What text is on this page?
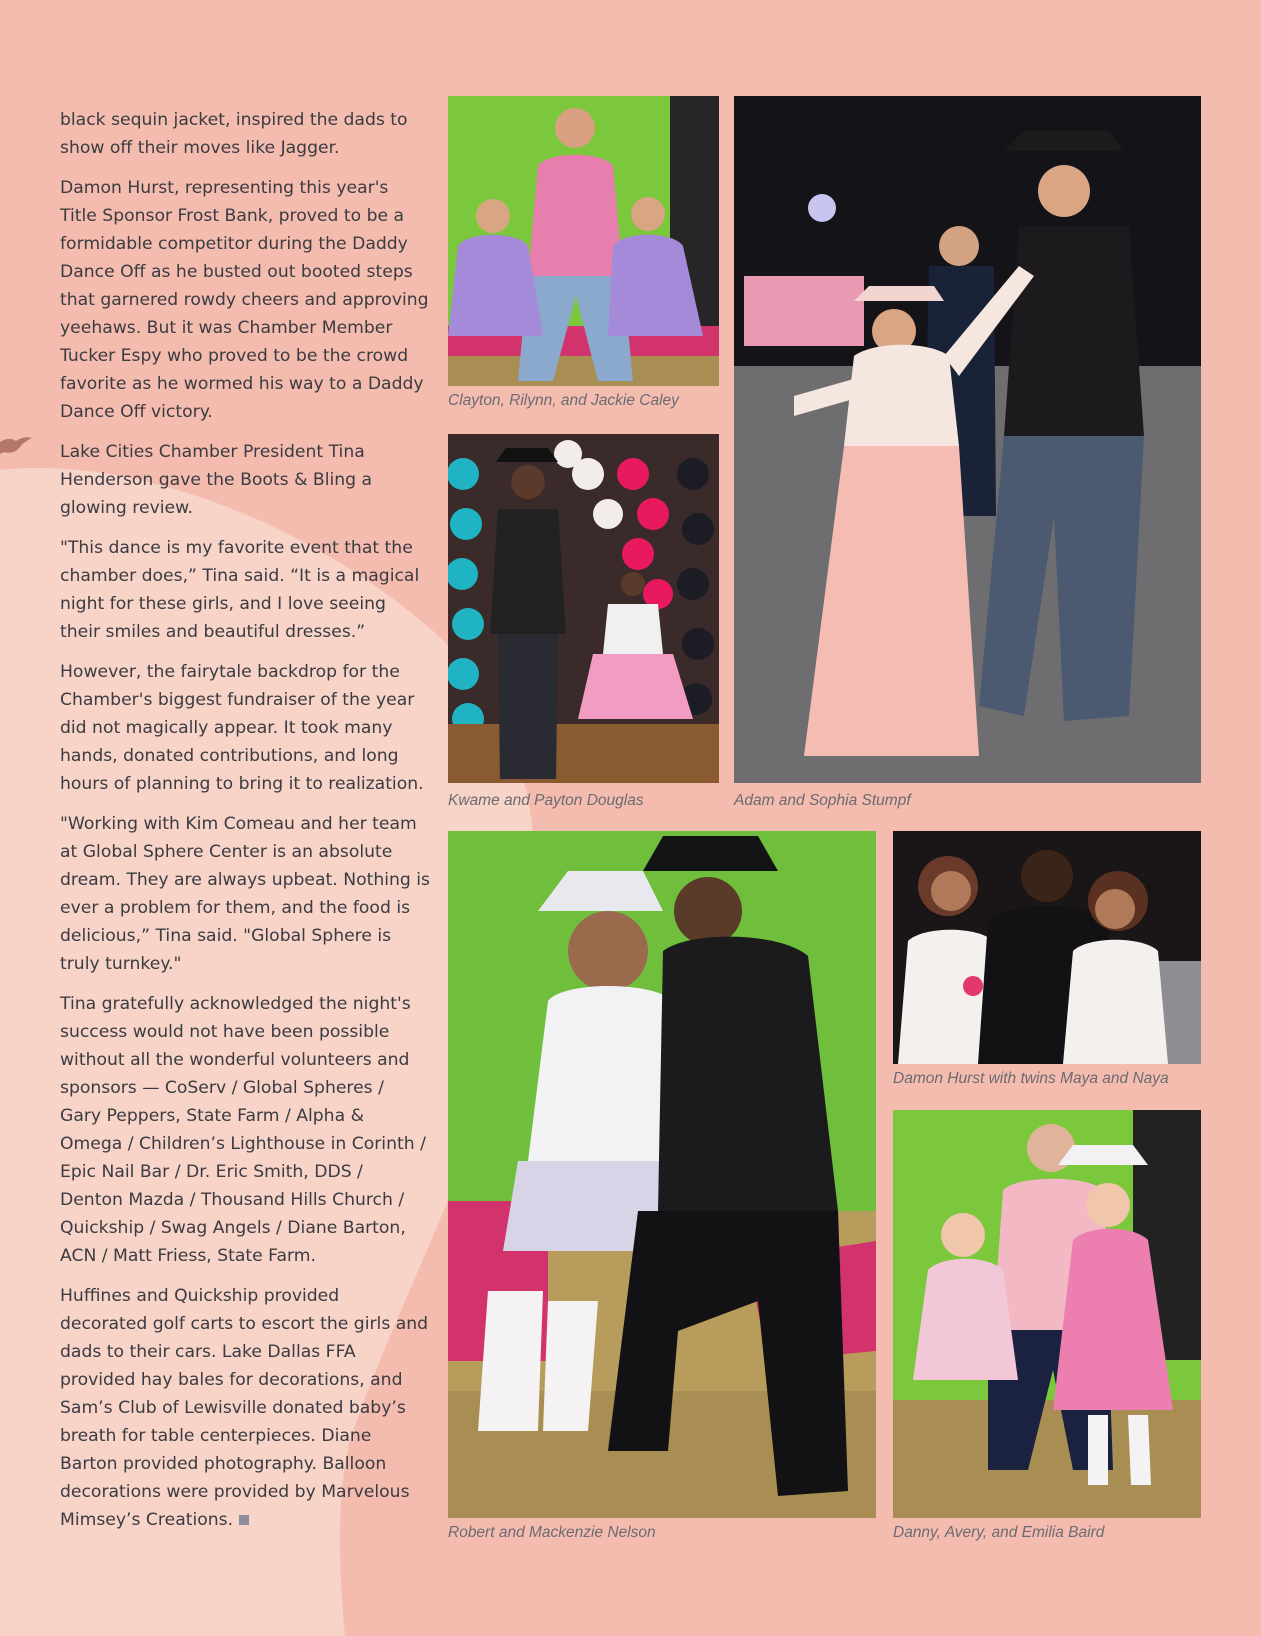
black sequin jacket, inspired the dads to show off their moves like Jagger.

Damon Hurst, representing this year's Title Sponsor Frost Bank, proved to be a formidable competitor during the Daddy Dance Off as he busted out booted steps that garnered rowdy cheers and approving yeehaws. But it was Chamber Member Tucker Espy who proved to be the crowd favorite as he wormed his way to a Daddy Dance Off victory.

Lake Cities Chamber President Tina Henderson gave the Boots & Bling a glowing review.

"This dance is my favorite event that the chamber does,” Tina said. “It is a magical night for these girls, and I love seeing their smiles and beautiful dresses.”

However, the fairytale backdrop for the Chamber's biggest fundraiser of the year did not magically appear. It took many hands, donated contributions, and long hours of planning to bring it to realization.

"Working with Kim Comeau and her team at Global Sphere Center is an absolute dream. They are always upbeat. Nothing is ever a problem for them, and the food is delicious,” Tina said. "Global Sphere is truly turnkey."

Tina gratefully acknowledged the night's success would not have been possible without all the wonderful volunteers and sponsors — CoServ / Global Spheres / Gary Peppers, State Farm / Alpha & Omega / Children’s Lighthouse in Corinth / Epic Nail Bar / Dr. Eric Smith, DDS / Denton Mazda / Thousand Hills Church / Quickship / Swag Angels / Diane Barton, ACN / Matt Friess, State Farm.

Huffines and Quickship provided decorated golf carts to escort the girls and dads to their cars. Lake Dallas FFA provided hay bales for decorations, and Sam’s Club of Lewisville donated baby’s breath for table centerpieces. Diane Barton provided photography. Balloon decorations were provided by Marvelous Mimsey’s Creations.

Clayton, Rilynn, and Jackie Caley
Kwame and Payton Douglas	Adam and Sophia Stumpf
Robert and Mackenzie Nelson
Damon Hurst with twins Maya and Naya
Danny, Avery, and Emilia Baird
